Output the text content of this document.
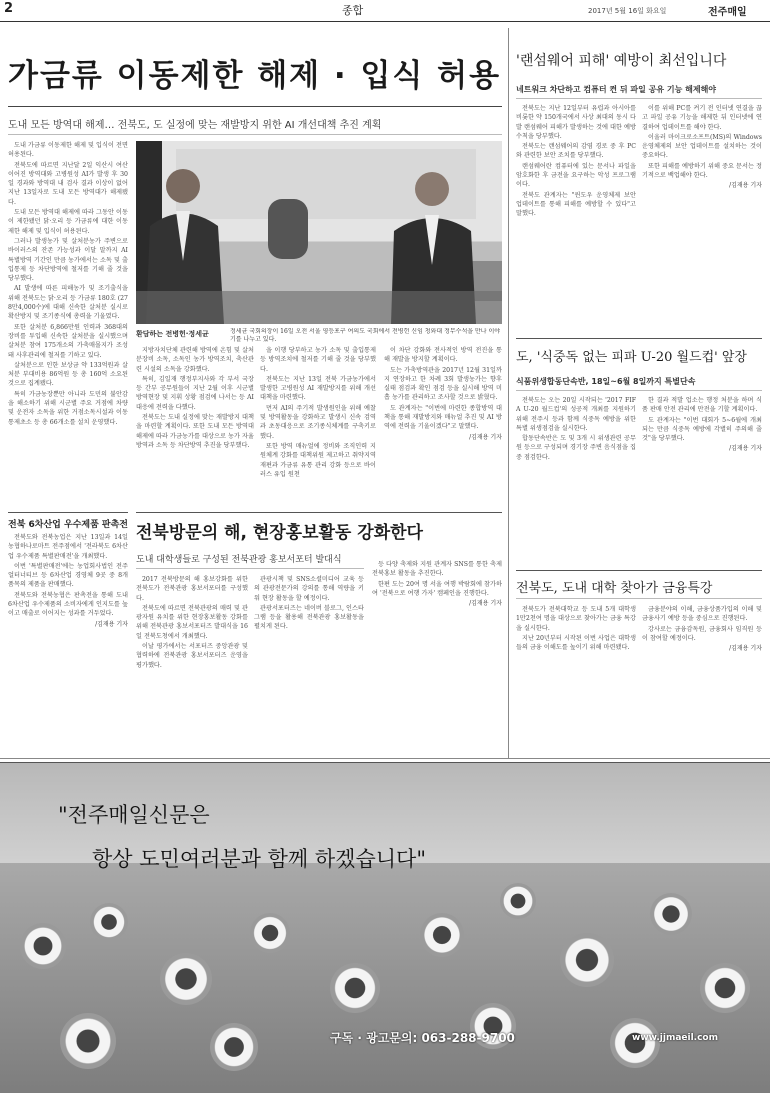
2	종합	2017년 5월 16일 화요일	전주매일
가금류 이동제한 해제 · 입식 허용
도내 모든 방역대 해제… 전북도, 도 실정에 맞는 재발방지 위한 AI 개선대책 추진 계획

도내 가금류 이동제한 해제 및 입식이 전면 허용된다.

전북도에 따르면 지난달 2일 익산시 여산 이어진 방역대와 고병원성 AI가 발생 후 30일 경과와 방역대 내 검사 결과 이상이 없어 지난 13일자로 도내 모든 방역대가 해제됐다.

도내 모든 방역대 해제에 따라 그동안 이동이 제한됐던 닭·오리 등 가금류에 대한 이동제한 해제 및 입식이 허용된다.

그러나 발생농가 및 살처분농가 주변으로 바이러스의 잔존 가능성과 이달 말까지 AI 특별방역 기간인 만큼 농가에서는 소독 및 출입통제 등 차단방역에 철저를 기해 줄 것을 당부했다.

AI 발생에 따른 피해농가 및 조기출식을 위해 전북도는 닭·오리 등 가금류 180호 (278만4,000수)에 대해 신속한 살처분 실시로 확산방지 및 조기종식에 총력을 기울였다.

또한 살처분 6,866만원 인력과 368대의 장비를 투입해 신속한 살처분을 실시했으며 살처분 참여 175개소의 가축매몰지가 조성돼 사후관리에 철저를 기하고 있다.

살처분으로 인한 보상금 약 133억원과 살처분 부대비용 86억원 등 총 160억 소요된 것으로 집계됐다.

특히 가금농장뿐만 아니라 도민의 불안감을 해소하기 위해 시군별 주요 거점에 차량 및 운전자 소독을 위한 거점소독시설과 이동통제초소 등 총 66개소를 설치 운영했다.

환담하는 전병헌·정세균	정세균 국회의장이 16일 오전 서울 영등포구 여의도 국회에서 전병헌 신임 청와대 정무수석을 만나 이야기를 나누고 있다.

지방자치단체 관련해 방역에 온힘 및 살처분장비 소독, 소독인 농가 방역조치, 축산관련 시설의 소독을 강화했다.

특히, 김일재 행정부지사와 각 부서 국장 등 간부 공무원들이 지난 2월 이후 시군별 방역현장 및 지휘 상황 점검에 나서는 등 AI 대응에 전력을 다했다.

전북도는 도내 실정에 맞는 재발방지 대책을 마련할 계획이다. 또한 도내 모든 방역대 해제에 따라 가금농가를 대상으로 농가 자율방역과 소독 등 차단방역 추진을 당부했다.

을 이행 당부하고 농가 소독 및 출입통제 등 방역조치에 철저를 기해 줄 것을 당부했다.

전북도는 지난 13일 전북 가금농가에서 발생한 고병원성 AI 재발방지를 위해 개선대책을 마련했다.

먼저 AI의 주기적 발생원인을 위해 예찰 및 방역활동을 강화하고 발생시 신속 검역과 초동대응으로 조기종식체계를 구축키로 했다.

또한 방역 매뉴얼에 정비와 조직인력 지원체계 강화를 대책위원 제고하고 취약지역 재편과 가금류 유통 관리 강화 등으로 바이러스 유입 원천

이 차단 강화와 전사적인 방역 전진을 통해 재발을 방지할 계획이다.

도는 가축방역관을 2017년 12월 31일까지 연장하고 한 차례 3회 발생농가는 향후 실태 점검과 확인 점검 등을 실시해 방역 미흡 농가를 관리하고 조사할 것으로 밝혔다.

도 관계자는 "이번에 마련한 종합방역 대책을 통해 재발방지와 매뉴얼 추진 및 AI 방역에 전력을 기울이겠다"고 말했다.

/김재용 기자
전북 6차산업 우수제품 판촉전

전북도와 전북농업은 지난 13일과 14일 농협하나로마트 전주점에서 '전라북도 6차산업 우수제품 특별판매전'을 개최했다.

이번 '특별판매전'에는 농업회사법인 전주얼터너티브 등 6차산업 경영체 9곳 중 8개 품목의 제품을 판매했다.

전북도와 전북농협은 판촉전을 통해 도내 6차산업 우수제품의 소비자에게 인지도를 높이고 매출로 이어지는 성과를 거두었다.

/김재용 기자
전북방문의 해, 현장홍보활동 강화한다
도내 대학생들로 구성된 전북관광 홍보서포터 발대식

2017 전북방문의 해 홍보강화를 위한 전북도가 전북관광 홍보서포터를 구성했다.

전북도에 따르면 전북관광의 매력 및 관광자원 유치를 위한 현장홍보활동 강화를 위해 전북관광 홍보서포터즈 발대식을 16일 전북도청에서 개최했다.

이날 평가에서는 서포터즈 중앙관광 및 협력하에 전북관광 홍보서포터즈 운영을 평가했다.

관광시책 및 SNS소셜미디어 교육 등의 관광전문가의 강의를 통해 역량을 키워 현장 활동을 할 예정이다.

관광서포터즈는 네이버 블로그, 인스타그램 등을 활용해 전북관광 홍보활동을 펼치게 된다.

등 다양 축제와 지원 관계자 SNS를 통한 축제 전북홍보 활동을 추진한다.

한편 도는 20여 명 서울 여행 박람회에 참가하여 '전북으로 여행 가자' 캠페인을 진행한다.

/김재용 기자
'랜섬웨어 피해' 예방이 최선입니다
네트워크 차단하고 컴퓨터 켠 뒤 파일 공유 기능 해제해야

전북도는 지난 12일부터 유럽과 아시아를 비롯한 약 150개국에서 사상 최대의 동시 다발 랜섬웨어 피해가 발생하는 것에 대한 예방 수칙을 당부했다.

전북도는 랜섬웨어의 감염 경로 중 후 PC와 관련한 보안 조치를 당부했다.

랜섬웨어란 컴퓨터에 있는 문서나 파일을 암호화한 후 금전을 요구하는 악성 프로그램이다.

전북도 관계자는 "윈도우 운영체제 보안 업데이트를 통해 피해를 예방할 수 있다"고 말했다.

이를 위해 PC를 켜기 전 인터넷 연결을 끊고 파일 공유 기능을 해제한 뒤 인터넷에 연결하여 업데이트를 해야 한다.

이울러 마이크로소프트(MS)의 Windows 운영체제의 보안 업데이트를 설치하는 것이 중요하다.

또한 피해를 예방하기 위해 중요 문서는 정기적으로 백업해야 한다.

/김재용 기자
도, '식중독 없는 피파 U-20 월드컵' 앞장
식품위생합동단속반, 18일~6월 8일까지 특별단속

전북도는 오는 20일 시작되는 '2017 FIFA U-20 월드컵'의 성공적 개최를 지원하기 위해 전주시 등과 함께 식중독 예방을 위한 특별 위생점검을 실시한다.

합동단속반은 도 및 3개 시 위생관련 공무원 등으로 구성되며 경기장 주변 음식점을 집중 점검한다.

한 결과 적발 업소는 행정 처분을 하며 식품 판매 안전 관리에 만전을 기할 계획이다.

도 관계자는 "이번 대회가 5~6월에 개최되는 만큼 식중독 예방에 각별히 주의해 줄 것"을 당부했다.

/김재용 기자
전북도, 도내 대학 찾아가 금융특강

전북도가 전북대학교 등 도내 5개 대학생 1만2천여 명을 대상으로 찾아가는 금융 특강을 실시한다.

지난 20년부터 시작된 이번 사업은 대학생들의 금융 이해도를 높이기 위해 마련됐다.

금융분야의 이해, 금융상품가입의 이해 및 금융사기 예방 등을 중심으로 진행된다.

강사로는 금융감독원, 금융회사 임직원 등이 참여할 예정이다.

/김재용 기자
"전주매일신문은
항상 도민여러분과 함께 하겠습니다"
구독 · 광고문의: 063-288-9700	www.jjmaeil.com
